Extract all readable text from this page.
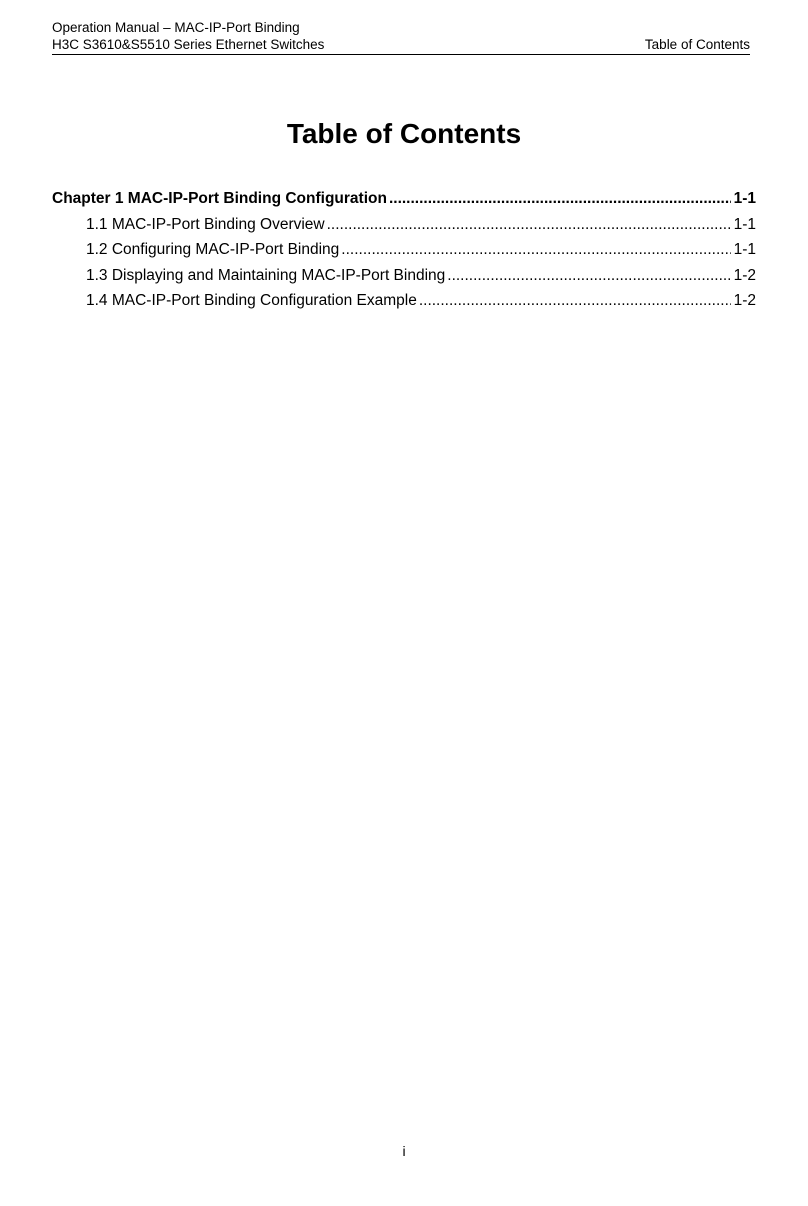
Operation Manual – MAC-IP-Port Binding
H3C S3610&S5510 Series Ethernet Switches	Table of Contents
Table of Contents
Chapter 1 MAC-IP-Port Binding Configuration .....	1-1
1.1 MAC-IP-Port Binding Overview .....	1-1
1.2 Configuring MAC-IP-Port Binding .....	1-1
1.3 Displaying and Maintaining MAC-IP-Port Binding .....	1-2
1.4 MAC-IP-Port Binding Configuration Example .....	1-2
i
